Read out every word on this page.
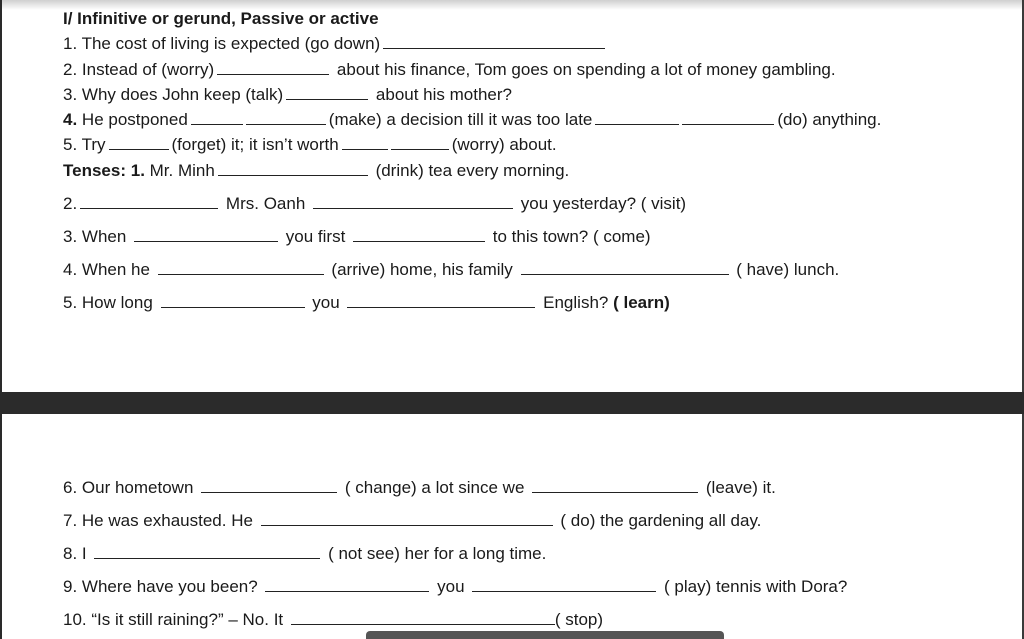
I/ Infinitive or gerund, Passive or active
1. The cost of living is expected (go down)
2. Instead of (worry)	about his finance, Tom goes on spending a lot of money gambling.
3. Why does John keep (talk)	about his mother?
4. He postponed	(make) a decision till it was too late	(do) anything.
5. Try	(forget) it; it isn’t worth	(worry) about.
Tenses: 1. Mr. Minh	(drink) tea every morning.
2.	Mrs. Oanh	you yesterday? ( visit)
3. When	you first	to this town? ( come)
4. When he	(arrive) home, his family	( have) lunch.
5. How long	you	English? ( learn)
6. Our hometown	( change) a lot since we	(leave) it.
7. He was exhausted. He	( do) the gardening all day.
8. I	( not see) her for a long time.
9. Where have you been?	you	( play) tennis with Dora?
10. “Is it still raining?” – No. It	( stop)
